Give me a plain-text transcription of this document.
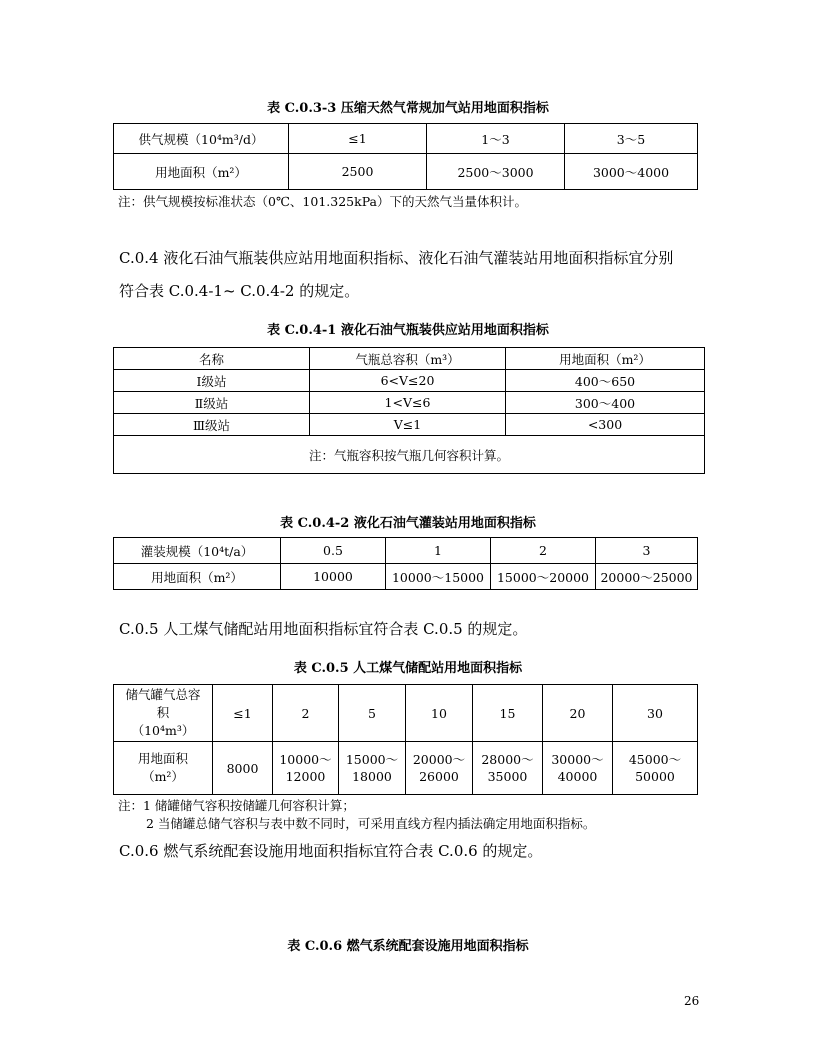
表 C.0.3-3 压缩天然气常规加气站用地面积指标
供气规模（10⁴m³/d）	≤1	1～3	3～5
用地面积（m²）	2500	2500～3000	3000～4000
注：供气规模按标准状态（0℃、101.325kPa）下的天然气当量体积计。
C.0.4 液化石油气瓶装供应站用地面积指标、液化石油气灌装站用地面积指标宜分别
符合表 C.0.4-1~ C.0.4-2 的规定。
表 C.0.4-1 液化石油气瓶装供应站用地面积指标
名称	气瓶总容积（m³）	用地面积（m²）
Ⅰ级站	6<V≤20	400～650
Ⅱ级站	1<V≤6	300～400
Ⅲ级站	V≤1	<300
注：气瓶容积按气瓶几何容积计算。		
表 C.0.4-2 液化石油气灌装站用地面积指标
灌装规模（10⁴t/a）	0.5	1	2	3
用地面积（m²）	10000	10000～15000	15000～20000	20000～25000
C.0.5 人工煤气储配站用地面积指标宜符合表 C.0.5 的规定。
表 C.0.5 人工煤气储配站用地面积指标
储气罐气总容
积
（10⁴m³）	≤1	2	5	10	15	20	30

用地面积
（m²）	8000	10000～12000	15000～18000	20000～26000	28000～35000	30000～40000	45000～50000
注：1 储罐储气容积按储罐几何容积计算；
2 当储罐总储气容积与表中数不同时，可采用直线方程内插法确定用地面积指标。
C.0.6 燃气系统配套设施用地面积指标宜符合表 C.0.6 的规定。
表 C.0.6 燃气系统配套设施用地面积指标
26
